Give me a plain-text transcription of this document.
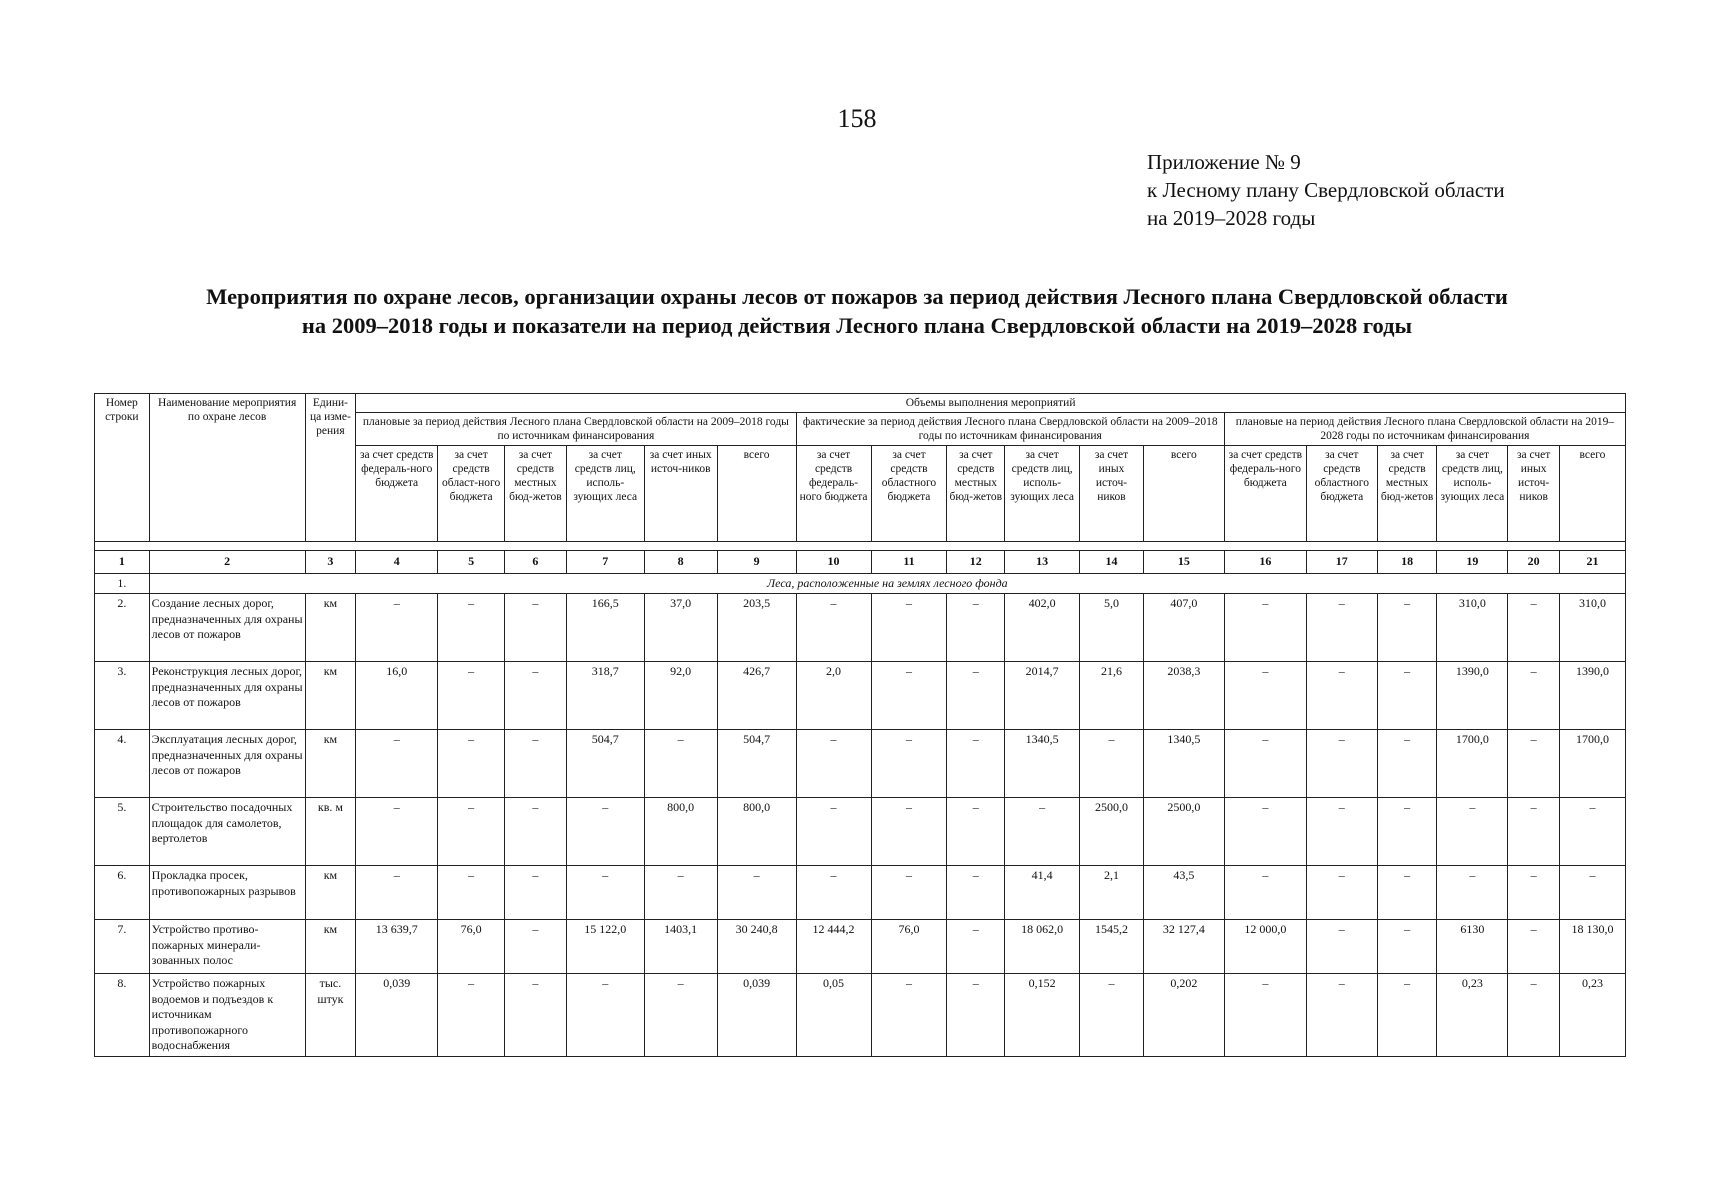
158
Приложение № 9
к Лесному плану Свердловской области
на 2019–2028 годы
Мероприятия по охране лесов, организации охраны лесов от пожаров за период действия Лесного плана Свердловской области
на 2009–2018 годы и показатели на период действия Лесного плана Свердловской области на 2019–2028 годы
Номер строки	Наименование мероприятия по охране лесов	Едини-ца изме-рения	Объемы выполнения мероприятий																	
			плановые за период действия Лесного плана Свердловской области на 2009–2018 годы по источникам финансирования						фактические за период действия Лесного плана Свердловской области на 2009–2018 годы по источникам финансирования						плановые на период действия Лесного плана Свердловской области на 2019–2028 годы по источникам финансирования					
			за счет средств федераль-ного бюджета	за счет средств област-ного бюджета	за счет средств местных бюд-жетов	за счет средств лиц, исполь-зующих леса	за счет иных источ-ников	всего	за счет средств федераль-ного бюджета	за счет средств областного бюджета	за счет средств местных бюд-жетов	за счет средств лиц, исполь-зующих леса	за счет иных источ-ников	всего	за счет средств федераль-ного бюджета	за счет средств областного бюджета	за счет средств местных бюд-жетов	за счет средств лиц, исполь-зующих леса	за счет иных источ-ников	всего

1	2	3	4	5	6	7	8	9	10	11	12	13	14	15	16	17	18	19	20	21
1.	Леса, расположенные на землях лесного фонда																			
2.	Создание лесных дорог, предназначенных для охраны лесов от пожаров	км	–	–	–	166,5	37,0	203,5	–	–	–	402,0	5,0	407,0	–	–	–	310,0	–	310,0
3.	Реконструкция лесных дорог, предназначенных для охраны лесов от пожаров	км	16,0	–	–	318,7	92,0	426,7	2,0	–	–	2014,7	21,6	2038,3	–	–	–	1390,0	–	1390,0
4.	Эксплуатация лесных дорог, предназначенных для охраны лесов от пожаров	км	–	–	–	504,7	–	504,7	–	–	–	1340,5	–	1340,5	–	–	–	1700,0	–	1700,0
5.	Строительство посадочных площадок для самолетов, вертолетов	кв. м	–	–	–	–	800,0	800,0	–	–	–	–	2500,0	2500,0	–	–	–	–	–	–
6.	Прокладка просек, противопожарных разрывов	км	–	–	–	–	–	–	–	–	–	41,4	2,1	43,5	–	–	–	–	–	–
7.	Устройство противо-пожарных минерали-зованных полос	км	13 639,7	76,0	–	15 122,0	1403,1	30 240,8	12 444,2	76,0	–	18 062,0	1545,2	32 127,4	12 000,0	–	–	6130	–	18 130,0
8.	Устройство пожарных водоемов и подъездов к источникам противопожарного водоснабжения	тыс. штук	0,039	–	–	–	–	0,039	0,05	–	–	0,152	–	0,202	–	–	–	0,23	–	0,23
